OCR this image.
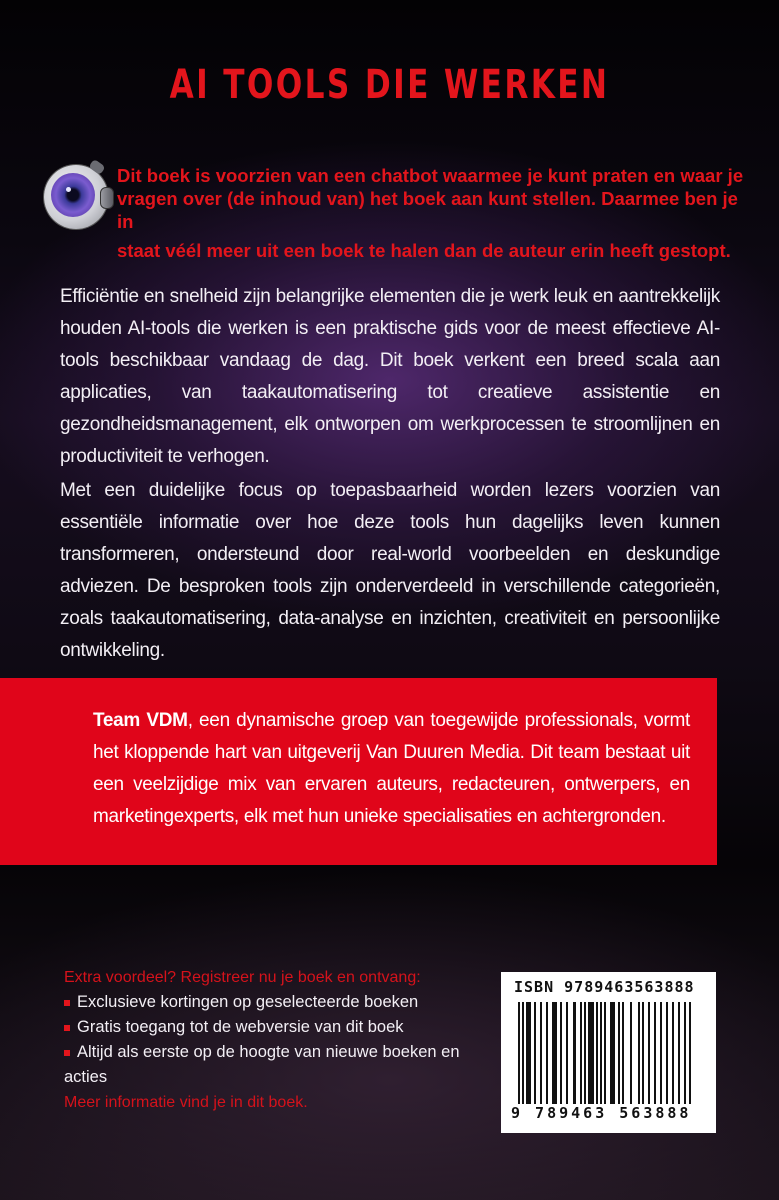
AI TOOLS DIE WERKEN
Dit boek is voorzien van een chatbot waarmee je kunt praten en waar je
vragen over (de inhoud van) het boek aan kunt stellen. Daarmee ben je in
staat véél meer uit een boek te halen dan de auteur erin heeft gestopt.
Efficiëntie en snelheid zijn belangrijke elementen die je werk leuk en aantrekkelijk houden AI-tools die werken is een praktische gids voor de meest effectieve AI-tools beschikbaar vandaag de dag. Dit boek verkent een breed scala aan applicaties, van taakautomatisering tot creatieve assistentie en gezondheidsmanagement, elk ontworpen om werkprocessen te stroomlijnen en productiviteit te verhogen.
Met een duidelijke focus op toepasbaarheid worden lezers voorzien van essentiële informatie over hoe deze tools hun dagelijks leven kunnen transformeren, ondersteund door real-world voorbeelden en deskundige adviezen. De besproken tools zijn onderverdeeld in verschillende categorieën, zoals taakautomatisering, data-analyse en inzichten, creativiteit en persoonlijke ontwikkeling.
Team VDM, een dynamische groep van toegewijde professionals, vormt het kloppende hart van uitgeverij Van Duuren Media. Dit team bestaat uit een veelzijdige mix van ervaren auteurs, redacteuren, ontwerpers, en marketingexperts, elk met hun unieke specialisaties en achtergronden.
Extra voordeel? Registreer nu je boek en ontvang:
Exclusieve kortingen op geselecteerde boeken
Gratis toegang tot de webversie van dit boek
Altijd als eerste op de hoogte van nieuwe boeken en acties
Meer informatie vind je in dit boek.
ISBN 9789463563888
9 789463 563888
